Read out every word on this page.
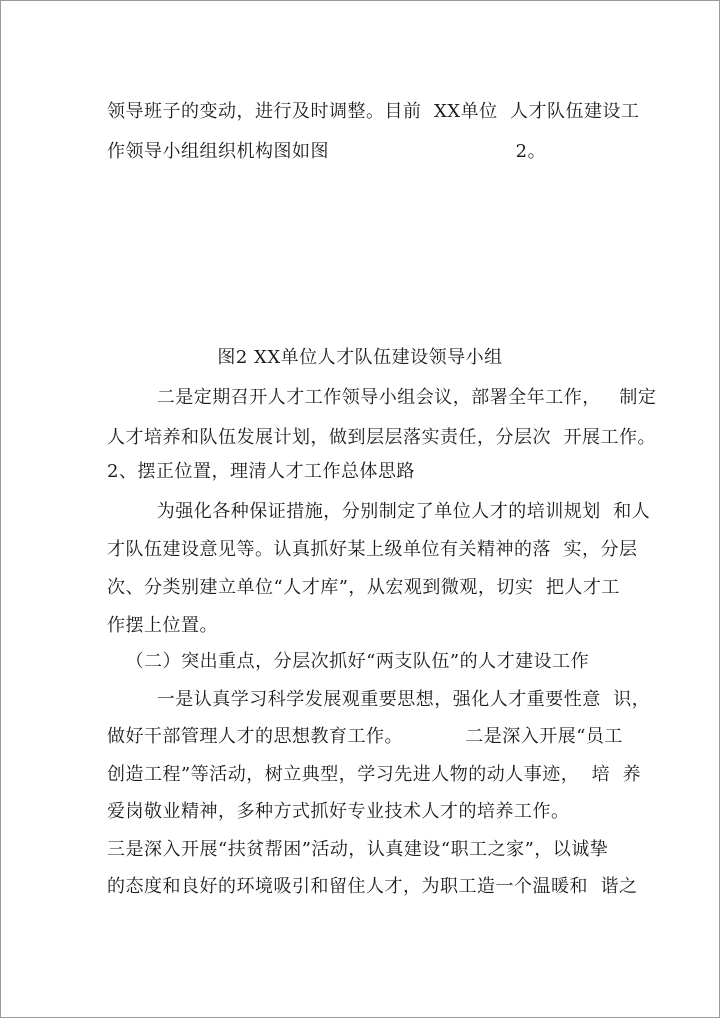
领导班子的变动，进行及时调整。目前  XX单位  人才队伍建设工
作领导小组组织机构图如图                              2。
图2 XX单位人才队伍建设领导小组
二是定期召开人才工作领导小组会议，部署全年工作，   制定
人才培养和队伍发展计划，做到层层落实责任，分层次  开展工作。
2、摆正位置，理清人才工作总体思路
为强化各种保证措施，分别制定了单位人才的培训规划  和人
才队伍建设意见等。认真抓好某上级单位有关精神的落  实，分层
次、分类别建立单位“人才库”，从宏观到微观，切实  把人才工
作摆上位置。
（二）突出重点，分层次抓好“两支队伍”的人才建设工作
一是认真学习科学发展观重要思想，强化人才重要性意  识，
做好干部管理人才的思想教育工作。          二是深入开展“员工
创造工程”等活动，树立典型，学习先进人物的动人事迹，  培  养
爱岗敬业精神，多种方式抓好专业技术人才的培养工作。
三是深入开展“扶贫帮困”活动，认真建设“职工之家”，以诚挚
的态度和良好的环境吸引和留住人才，为职工造一个温暖和  谐之
